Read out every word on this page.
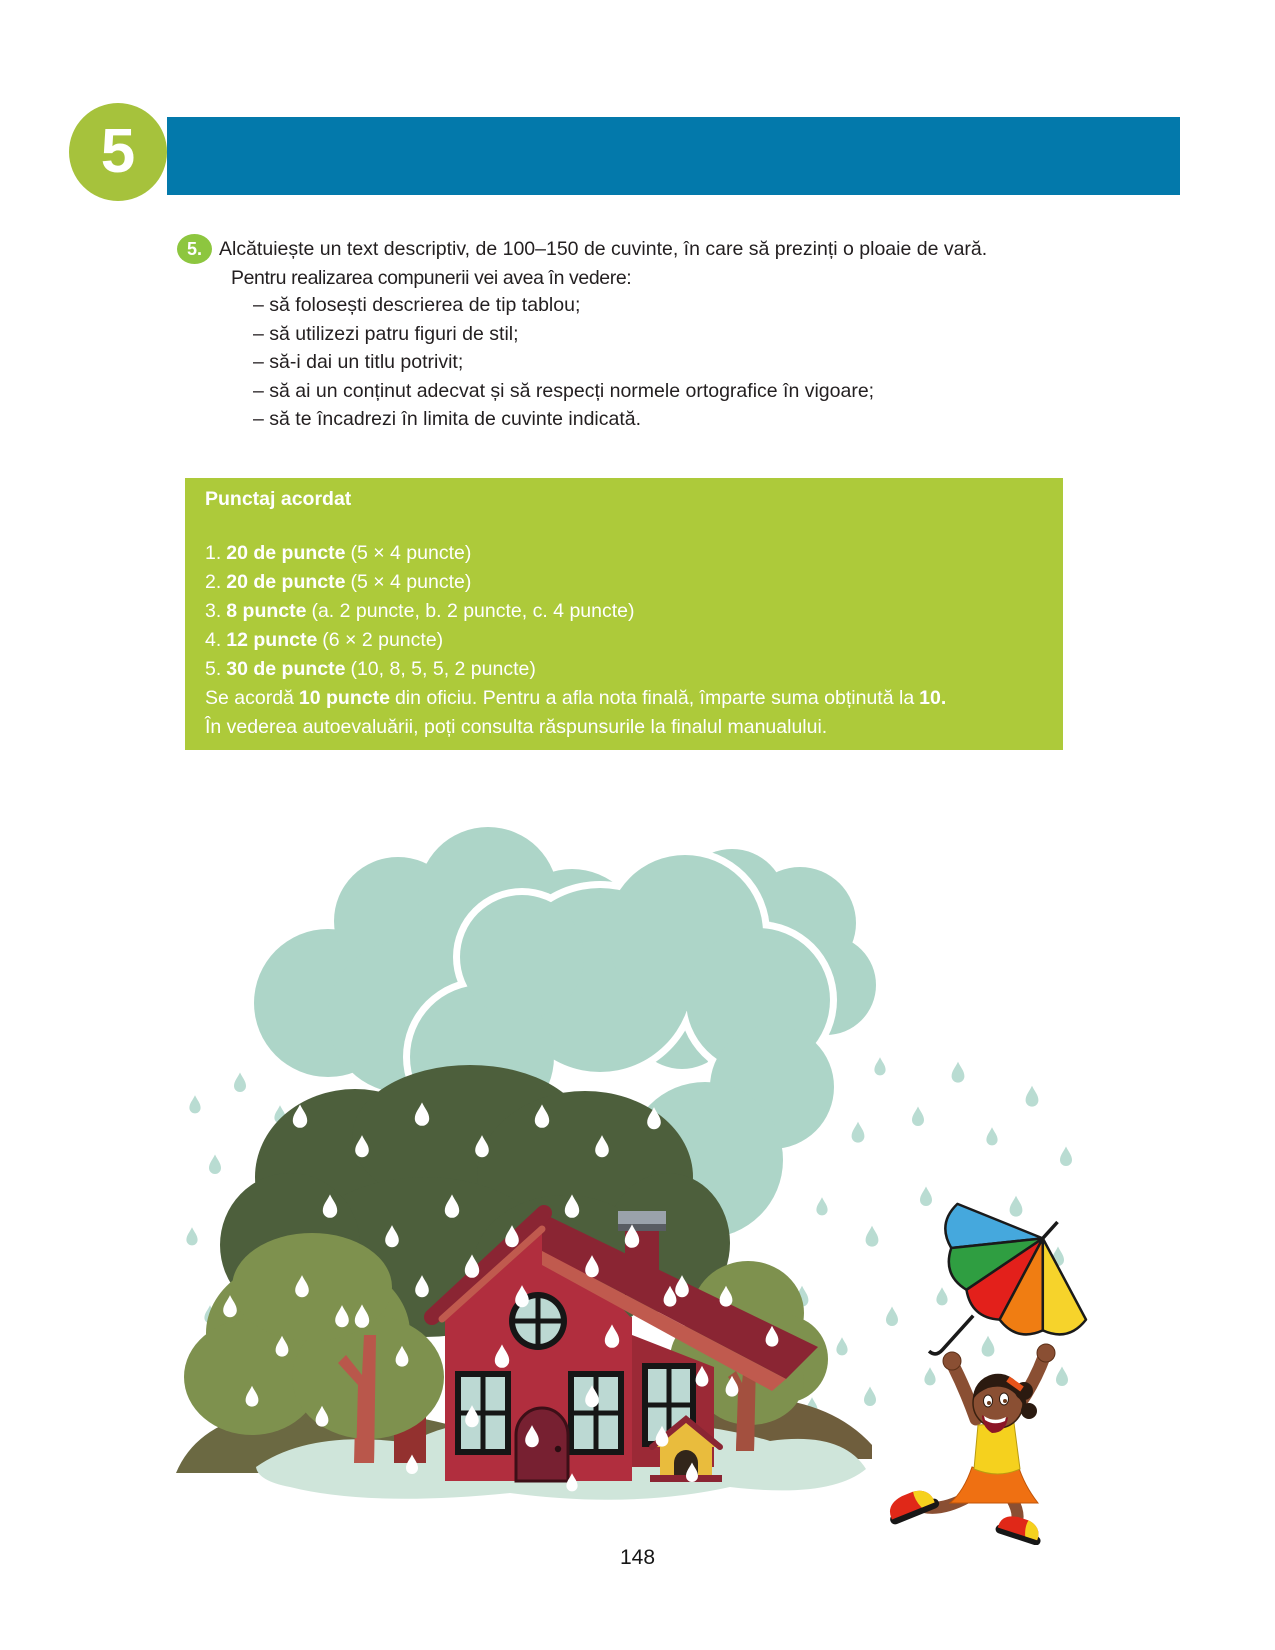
5
5. Alcătuiește un text descriptiv, de 100–150 de cuvinte, în care să prezinți o ploaie de vară.
Pentru realizarea compunerii vei avea în vedere:
– să folosești descrierea de tip tablou;
– să utilizezi patru figuri de stil;
– să-i dai un titlu potrivit;
– să ai un conținut adecvat și să respecți normele ortografice în vigoare;
– să te încadrezi în limita de cuvinte indicată.
Punctaj acordat
1. 20 de puncte (5 × 4 puncte)
2. 20 de puncte (5 × 4 puncte)
3. 8 puncte (a. 2 puncte, b. 2 puncte, c. 4 puncte)
4. 12 puncte (6 × 2 puncte)
5. 30 de puncte (10, 8, 5, 5, 2 puncte)
Se acordă 10 puncte din oficiu. Pentru a afla nota finală, împarte suma obținută la 10.
În vederea autoevaluării, poți consulta răspunsurile la finalul manualului.
148
